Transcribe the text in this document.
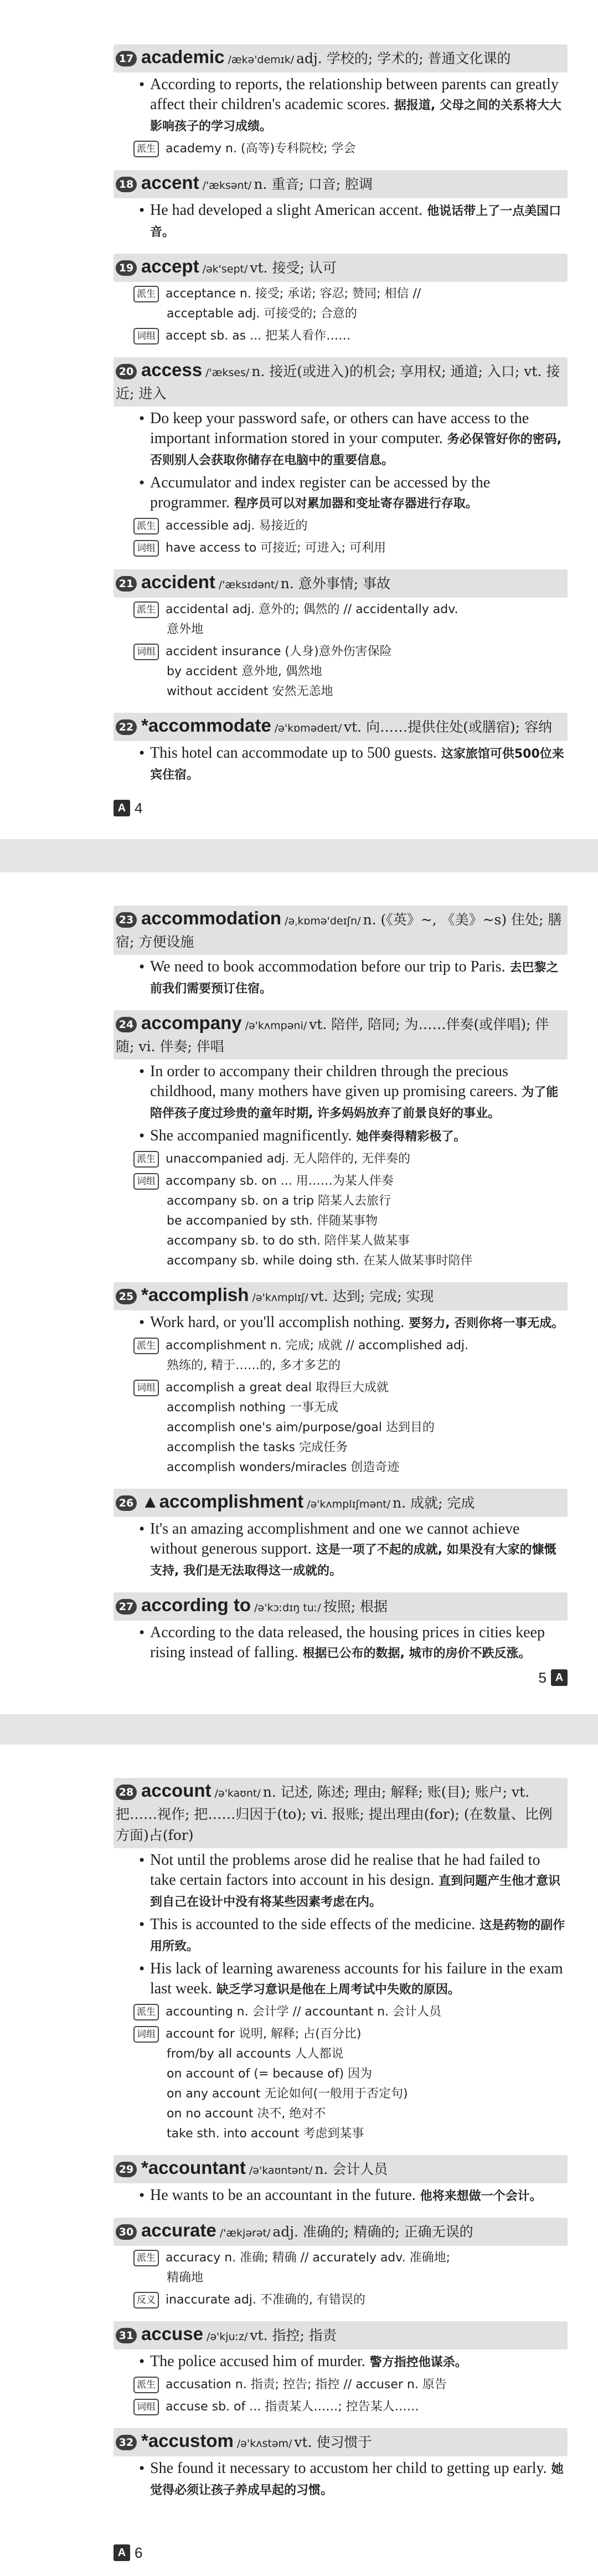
17 academic /ækə'demɪk/ adj. 学校的; 学术的; 普通文化课的
• According to reports, the relationship between parents can greatly affect their children's academic scores. 据报道, 父母之间的关系将大大影响孩子的学习成绩。
派生 academy n. (高等)专科院校; 学会
18 accent /'æksənt/ n. 重音; 口音; 腔调
• He had developed a slight American accent. 他说话带上了一点美国口音。
19 accept /ək'sept/ vt. 接受; 认可
派生 acceptance n. 接受; 承诺; 容忍; 赞同; 相信 //
acceptable adj. 可接受的; 合意的
词组 accept sb. as ... 把某人看作……
20 access /'ækses/ n. 接近(或进入)的机会; 享用权; 通道; 入口; vt. 接近; 进入
• Do keep your password safe, or others can have access to the important information stored in your computer. 务必保管好你的密码, 否则别人会获取你储存在电脑中的重要信息。
• Accumulator and index register can be accessed by the programmer. 程序员可以对累加器和变址寄存器进行存取。
派生 accessible adj. 易接近的
词组 have access to 可接近; 可进入; 可利用
21 accident /'æksɪdənt/ n. 意外事情; 事故
派生 accidental adj. 意外的; 偶然的 // accidentally adv.
意外地
词组 accident insurance (人身)意外伤害保险
by accident 意外地, 偶然地
without accident 安然无恙地
22 *accommodate /ə'kɒmədeɪt/ vt. 向……提供住处(或膳宿); 容纳
• This hotel can accommodate up to 500 guests. 这家旅馆可供500位来宾住宿。
A 4
23 accommodation /əˌkɒmə'deɪʃn/ n. (《英》~, 《美》~s) 住处; 膳宿; 方便设施
• We need to book accommodation before our trip to Paris. 去巴黎之前我们需要预订住宿。
24 accompany /ə'kʌmpəni/ vt. 陪伴, 陪同; 为……伴奏(或伴唱); 伴随; vi. 伴奏; 伴唱
• In order to accompany their children through the precious childhood, many mothers have given up promising careers. 为了能陪伴孩子度过珍贵的童年时期, 许多妈妈放弃了前景良好的事业。
• She accompanied magnificently. 她伴奏得精彩极了。
派生 unaccompanied adj. 无人陪伴的, 无伴奏的
词组 accompany sb. on ... 用……为某人伴奏
accompany sb. on a trip 陪某人去旅行
be accompanied by sth. 伴随某事物
accompany sb. to do sth. 陪伴某人做某事
accompany sb. while doing sth. 在某人做某事时陪伴
25 *accomplish /ə'kʌmplɪʃ/ vt. 达到; 完成; 实现
• Work hard, or you'll accomplish nothing. 要努力, 否则你将一事无成。
派生 accomplishment n. 完成; 成就 // accomplished adj.
熟练的, 精于……的, 多才多艺的
词组 accomplish a great deal 取得巨大成就
accomplish nothing 一事无成
accomplish one's aim/purpose/goal 达到目的
accomplish the tasks 完成任务
accomplish wonders/miracles 创造奇迹
26 ▲accomplishment /ə'kʌmplɪʃmənt/ n. 成就; 完成
• It's an amazing accomplishment and one we cannot achieve without generous support. 这是一项了不起的成就, 如果没有大家的慷慨支持, 我们是无法取得这一成就的。
27 according to /ə'kɔːdɪŋ tuː/ 按照; 根据
• According to the data released, the housing prices in cities keep rising instead of falling. 根据已公布的数据, 城市的房价不跌反涨。
5 A
28 account /ə'kaʊnt/ n. 记述, 陈述; 理由; 解释; 账(目); 账户; vt. 把……视作; 把……归因于(to); vi. 报账; 提出理由(for); (在数量、比例方面)占(for)
• Not until the problems arose did he realise that he had failed to take certain factors into account in his design. 直到问题产生他才意识到自己在设计中没有将某些因素考虑在内。
• This is accounted to the side effects of the medicine. 这是药物的副作用所致。
• His lack of learning awareness accounts for his failure in the exam last week. 缺乏学习意识是他在上周考试中失败的原因。
派生 accounting n. 会计学 // accountant n. 会计人员
词组 account for 说明, 解释; 占(百分比)
from/by all accounts 人人都说
on account of (= because of) 因为
on any account 无论如何(一般用于否定句)
on no account 决不, 绝对不
take sth. into account 考虑到某事
29 *accountant /ə'kaʊntənt/ n. 会计人员
• He wants to be an accountant in the future. 他将来想做一个会计。
30 accurate /'ækjərət/ adj. 准确的; 精确的; 正确无误的
派生 accuracy n. 准确; 精确 // accurately adv. 准确地;
精确地
反义 inaccurate adj. 不准确的, 有错误的
31 accuse /ə'kjuːz/ vt. 指控; 指责
• The police accused him of murder. 警方指控他谋杀。
派生 accusation n. 指责; 控告; 指控 // accuser n. 原告
词组 accuse sb. of ... 指责某人……; 控告某人……
32 *accustom /ə'kʌstəm/ vt. 使习惯于
• She found it necessary to accustom her child to getting up early. 她觉得必须让孩子养成早起的习惯。
A 6
